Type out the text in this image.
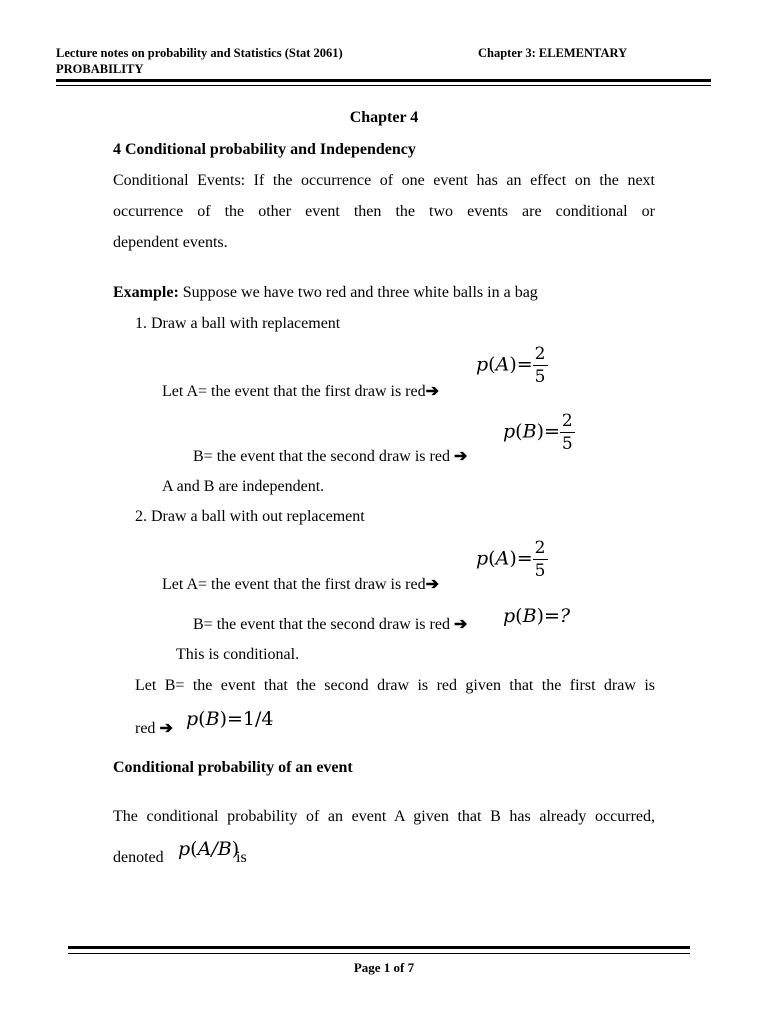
Lecture notes on probability and Statistics (Stat 2061)
PROBABILITY
Chapter 3: ELEMENTARY
Chapter 4
4 Conditional probability and Independency
Conditional Events: If the occurrence of one event has an effect on the next
occurrence of the other event then the two events are conditional or
dependent events.
Example: Suppose we have two red and three white balls in a bag
1. Draw a ball with replacement
$p(A)= \frac{2}{5}$
Let A= the event that the first draw is red➔
$p(B)= \frac{2}{5}$
B= the event that the second draw is red ➔
A and B are independent.
2. Draw a ball with out replacement
$p(A)= \frac{2}{5}$
Let A= the event that the first draw is red➔
B= the event that the second draw is red ➔ p(B)=?
This is conditional.
Let B= the event that the second draw is red given that the first draw is
red ➔ p(B)=1/4
Conditional probability of an event
The conditional probability of an event A given that B has already occurred,
denoted p(A/B)
is
Page 1 of 7
